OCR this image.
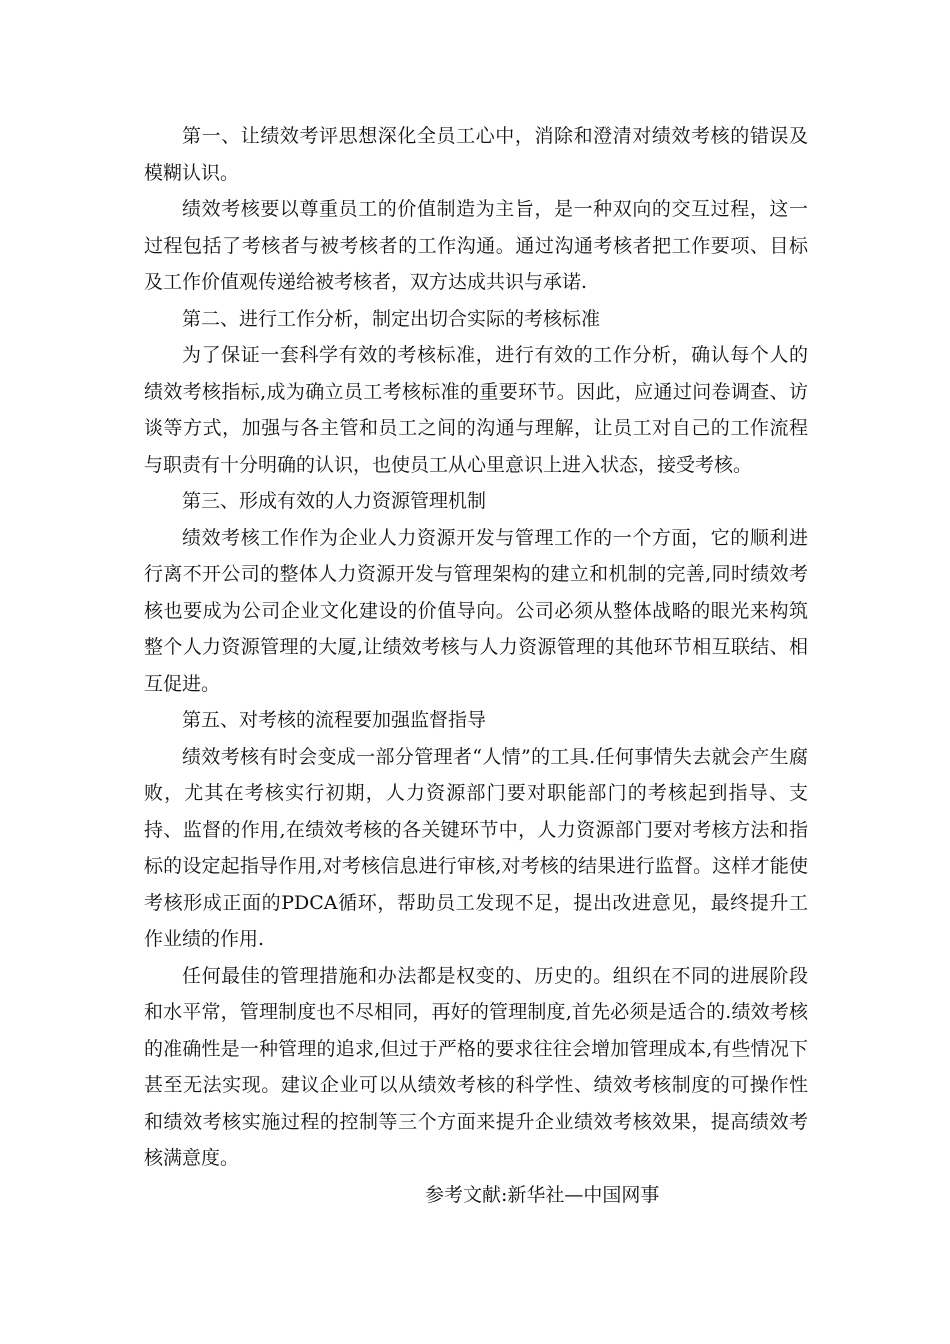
第一、让绩效考评思想深化全员工心中，消除和澄清对绩效考核的错误及模糊认识。

绩效考核要以尊重员工的价值制造为主旨，是一种双向的交互过程，这一过程包括了考核者与被考核者的工作沟通。通过沟通考核者把工作要项、目标及工作价值观传递给被考核者，双方达成共识与承诺.

第二、进行工作分析，制定出切合实际的考核标准

为了保证一套科学有效的考核标准，进行有效的工作分析，确认每个人的绩效考核指标,成为确立员工考核标准的重要环节。因此，应通过问卷调查、访谈等方式，加强与各主管和员工之间的沟通与理解，让员工对自己的工作流程与职责有十分明确的认识，也使员工从心里意识上进入状态，接受考核。

第三、形成有效的人力资源管理机制

绩效考核工作作为企业人力资源开发与管理工作的一个方面，它的顺利进行离不开公司的整体人力资源开发与管理架构的建立和机制的完善,同时绩效考核也要成为公司企业文化建设的价值导向。公司必须从整体战略的眼光来构筑整个人力资源管理的大厦,让绩效考核与人力资源管理的其他环节相互联结、相互促进。

第五、对考核的流程要加强监督指导

绩效考核有时会变成一部分管理者“人情”的工具.任何事情失去就会产生腐败，尤其在考核实行初期，人力资源部门要对职能部门的考核起到指导、支持、监督的作用,在绩效考核的各关键环节中，人力资源部门要对考核方法和指标的设定起指导作用,对考核信息进行审核,对考核的结果进行监督。这样才能使考核形成正面的PDCA循环，帮助员工发现不足，提出改进意见，最终提升工作业绩的作用.

任何最佳的管理措施和办法都是权变的、历史的。组织在不同的进展阶段和水平常，管理制度也不尽相同，再好的管理制度,首先必须是适合的.绩效考核的准确性是一种管理的追求,但过于严格的要求往往会增加管理成本,有些情况下甚至无法实现。建议企业可以从绩效考核的科学性、绩效考核制度的可操作性和绩效考核实施过程的控制等三个方面来提升企业绩效考核效果，提高绩效考核满意度。

参考文献:新华社—中国网事
